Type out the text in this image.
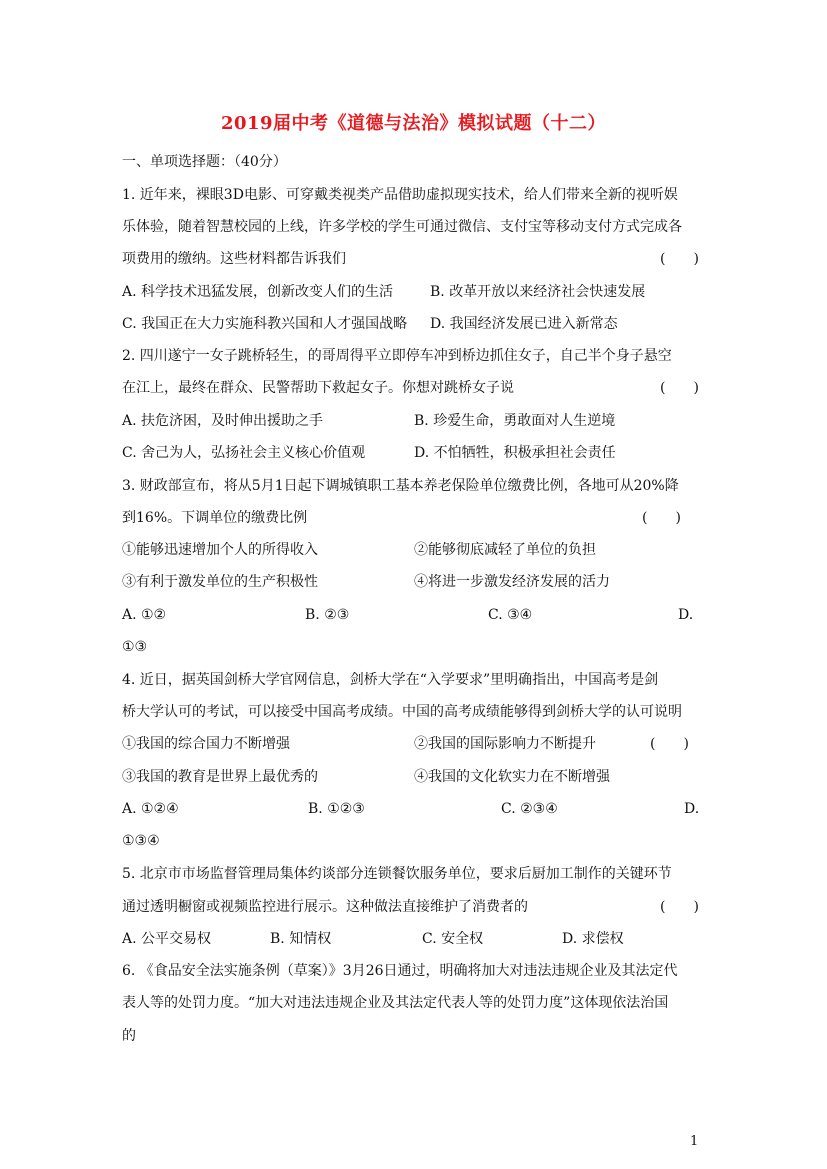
2019届中考《道德与法治》模拟试题（十二）
一、单项选择题：（40分）
1. 近年来，裸眼3D电影、可穿戴类视类产品借助虚拟现实技术，给人们带来全新的视听娱
乐体验，随着智慧校园的上线，许多学校的学生可通过微信、支付宝等移动支付方式完成各
项费用的缴纳。这些材料都告诉我们	(　　)
A. 科学技术迅猛发展，创新改变人们的生活	B. 改革开放以来经济社会快速发展
C. 我国正在大力实施科教兴国和人才强国战略 D. 我国经济发展已进入新常态
2. 四川遂宁一女子跳桥轻生，的哥周得平立即停车冲到桥边抓住女子，自己半个身子悬空
在江上，最终在群众、民警帮助下救起女子。你想对跳桥女子说	(　　)
A. 扶危济困，及时伸出援助之手	B. 珍爱生命，勇敢面对人生逆境
C. 舍己为人，弘扬社会主义核心价值观	D. 不怕牺牲，积极承担社会责任
3. 财政部宣布，将从5月1日起下调城镇职工基本养老保险单位缴费比例，各地可从20%降
到16%。下调单位的缴费比例	(　　)
①能够迅速增加个人的所得收入	②能够彻底减轻了单位的负担
③有利于激发单位的生产积极性	④将进一步激发经济发展的活力
A. ①②	B. ②③	C. ③④	D.
①③
4. 近日，据英国剑桥大学官网信息，剑桥大学在“入学要求”里明确指出，中国高考是剑
桥大学认可的考试，可以接受中国高考成绩。中国的高考成绩能够得到剑桥大学的认可说明
①我国的综合国力不断增强	②我国的国际影响力不断提升	(　　)
③我国的教育是世界上最优秀的	④我国的文化软实力在不断增强
A. ①②④	B. ①②③	C. ②③④	D.
①③④
5. 北京市市场监督管理局集体约谈部分连锁餐饮服务单位，要求后厨加工制作的关键环节
通过透明橱窗或视频监控进行展示。这种做法直接维护了消费者的	(　　)
A. 公平交易权	B. 知情权	C. 安全权	D. 求偿权
6. 《食品安全法实施条例（草案）》3月26日通过，明确将加大对违法违规企业及其法定代
表人等的处罚力度。“加大对违法违规企业及其法定代表人等的处罚力度”这体现依法治国
的
1
